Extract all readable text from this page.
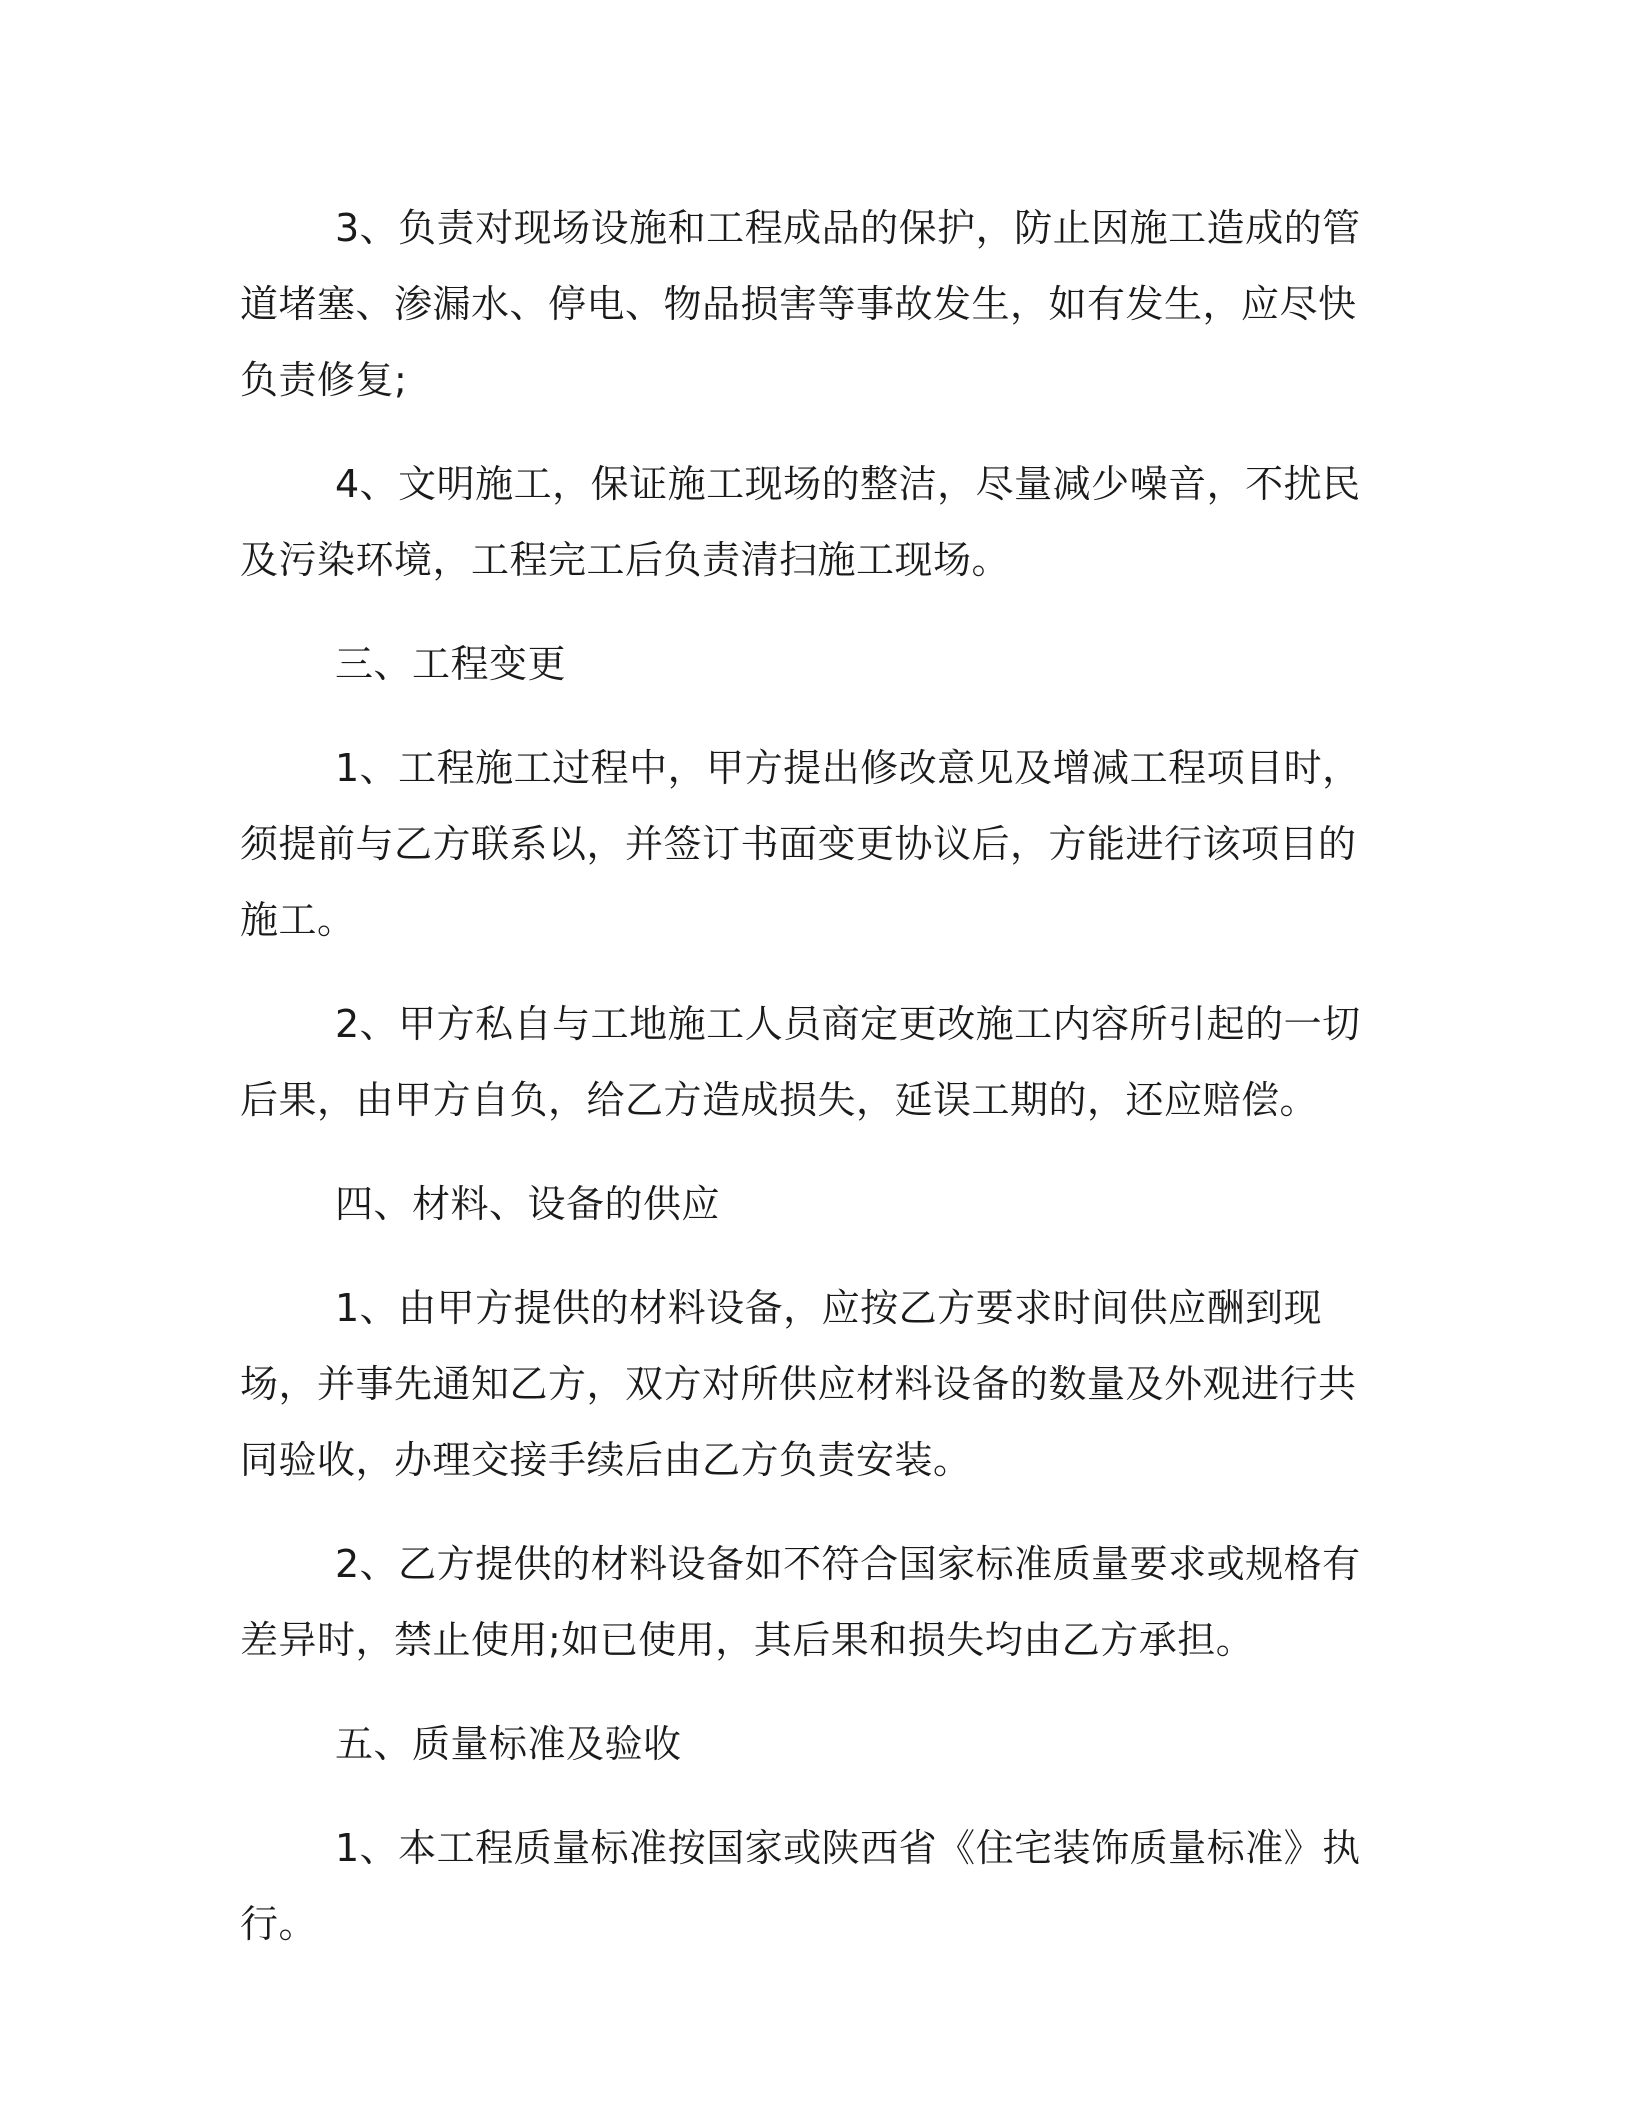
3、负责对现场设施和工程成品的保护，防止因施工造成的管道堵塞、渗漏水、停电、物品损害等事故发生，如有发生，应尽快负责修复;

4、文明施工，保证施工现场的整洁，尽量减少噪音，不扰民及污染环境，工程完工后负责清扫施工现场。

三、工程变更

1、工程施工过程中，甲方提出修改意见及增减工程项目时，须提前与乙方联系以，并签订书面变更协议后，方能进行该项目的施工。

2、甲方私自与工地施工人员商定更改施工内容所引起的一切后果，由甲方自负，给乙方造成损失，延误工期的，还应赔偿。

四、材料、设备的供应

1、由甲方提供的材料设备，应按乙方要求时间供应酬到现场，并事先通知乙方，双方对所供应材料设备的数量及外观进行共同验收，办理交接手续后由乙方负责安装。

2、乙方提供的材料设备如不符合国家标准质量要求或规格有差异时，禁止使用;如已使用，其后果和损失均由乙方承担。

五、质量标准及验收

1、本工程质量标准按国家或陕西省《住宅装饰质量标准》执行。
